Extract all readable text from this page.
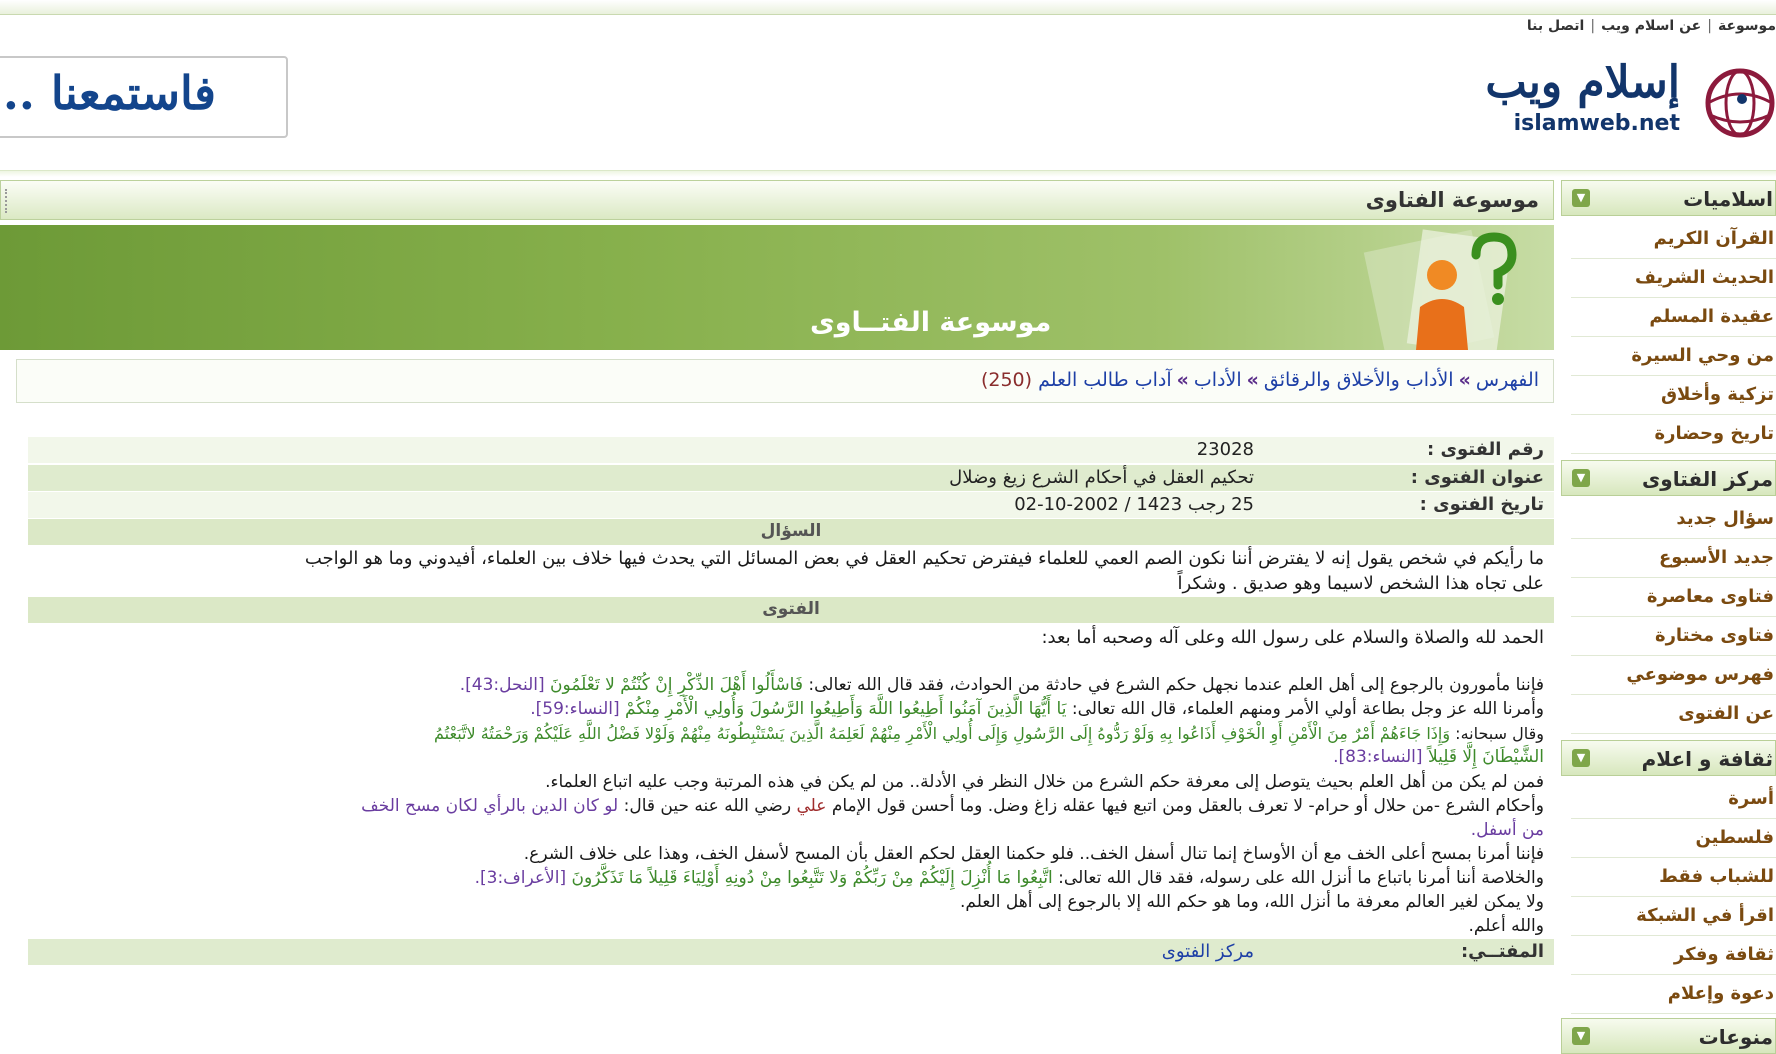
موسوعة|عن اسلام ويب|اتصل بنا
فاستمعنا ..	إسلام ويب
islamweb.net
اسلاميات
▼
القرآن الكريم
الحديث الشريف
عقيدة المسلم
من وحي السيرة
تزكية وأخلاق
تاريخ وحضارة
مركز الفتاوى
▼
سؤال جديد
جديد الأسبوع
فتاوى معاصرة
فتاوى مختارة
فهرس موضوعي
عن الفتوى
ثقافة و اعلام
▼
أسرة
فلسطين
للشباب فقط
اقرأ في الشبكة
ثقافة وفكر
دعوة وإعلام
منوعات
▼
موسوعة الفتاوى
موسوعة الفتــاوى
الفهرس»الأداب والأخلاق والرقائق»الأداب»آداب طالب العلم (250)
رقم الفتوى :
23028
عنوان الفتوى :
تحكيم العقل في أحكام الشرع زيغ وضلال
تاريخ الفتوى :
25 رجب 1423 / 2002-10-02
السؤال
ما رأيكم في شخص يقول إنه لا يفترض أننا نكون الصم العمي للعلماء فيفترض تحكيم العقل في بعض المسائل التي يحدث فيها خلاف بين العلماء، أفيدوني وما هو الواجب
على تجاه هذا الشخص لاسيما وهو صديق . وشكراً
الفتوى
الحمد لله والصلاة والسلام على رسول الله وعلى آله وصحبه أما بعد:
فإننا مأمورون بالرجوع إلى أهل العلم عندما نجهل حكم الشرع في حادثة من الحوادث، فقد قال الله تعالى: فَاسْأَلُوا أَهْلَ الذِّكْرِ إِنْ كُنْتُمْ لا تَعْلَمُونَ [النحل:43].
وأمرنا الله عز وجل بطاعة أولي الأمر ومنهم العلماء، قال الله تعالى: يَا أَيُّهَا الَّذِينَ آمَنُوا أَطِيعُوا اللَّهَ وَأَطِيعُوا الرَّسُولَ وَأُولِي الْأَمْرِ مِنْكُمْ [النساء:59].
وقال سبحانه: وَإِذَا جَاءَهُمْ أَمْرٌ مِنَ الْأَمْنِ أَوِ الْخَوْفِ أَذَاعُوا بِهِ وَلَوْ رَدُّوهُ إِلَى الرَّسُولِ وَإِلَى أُولِي الْأَمْرِ مِنْهُمْ لَعَلِمَهُ الَّذِينَ يَسْتَنْبِطُونَهُ مِنْهُمْ وَلَوْلا فَضْلُ اللَّهِ عَلَيْكُمْ وَرَحْمَتُهُ لاتَّبَعْتُمُ
الشَّيْطَانَ إِلَّا قَلِيلاً [النساء:83].
فمن لم يكن من أهل العلم بحيث يتوصل إلى معرفة حكم الشرع من خلال النظر في الأدلة.. من لم يكن في هذه المرتبة وجب عليه اتباع العلماء.
وأحكام الشرع -من حلال أو حرام- لا تعرف بالعقل ومن اتبع فيها عقله زاغ وضل. وما أحسن قول الإمام علي رضي الله عنه حين قال: لو كان الدين بالرأي لكان مسح الخف
من أسفل.
فإننا أمرنا بمسح أعلى الخف مع أن الأوساخ إنما تنال أسفل الخف.. فلو حكمنا العقل لحكم العقل بأن المسح لأسفل الخف، وهذا على خلاف الشرع.
والخلاصة أننا أمرنا باتباع ما أنزل الله على رسوله، فقد قال الله تعالى: اتَّبِعُوا مَا أُنْزِلَ إِلَيْكُمْ مِنْ رَبِّكُمْ وَلا تَتَّبِعُوا مِنْ دُونِهِ أَوْلِيَاءَ قَلِيلاً مَا تَذَكَّرُونَ [الأعراف:3].
ولا يمكن لغير العالم معرفة ما أنزل الله، وما هو حكم الله إلا بالرجوع إلى أهل العلم.
والله أعلم.
المفتــي:
مركز الفتوى
